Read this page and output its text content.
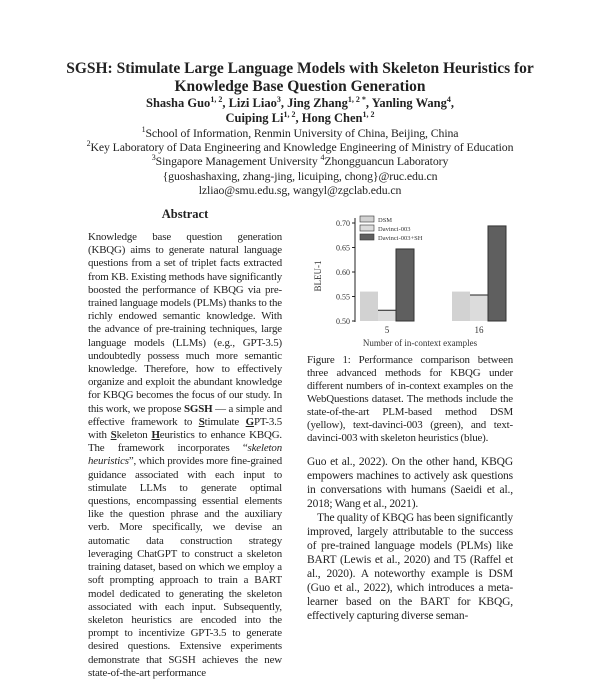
SGSH: Stimulate Large Language Models with Skeleton Heuristics for
Knowledge Base Question Generation
Shasha Guo$^{1, 2}$, Lizi Liao$^3$, Jing Zhang$^{1, 2 *}$, Yanling Wang$^4$,
Cuiping Li$^{1, 2}$, Hong Chen$^{1, 2}$
$^1$School of Information, Renmin University of China, Beijing, China
$^2$Key Laboratory of Data Engineering and Knowledge Engineering of Ministry of Education
$^3$Singapore Management University $^4$Zhongguancun Laboratory
{guoshashaxing, zhang-jing, licuiping, chong}@ruc.edu.cn
lzliao@smu.edu.sg, wangyl@zgclab.edu.cn
Abstract

Knowledge base question generation (KBQG) aims to generate natural language questions from a set of triplet facts extracted from KB. Existing methods have significantly boosted the performance of KBQG via pre-trained language models (PLMs) thanks to the richly endowed semantic knowledge. With the advance of pre-training techniques, large language models (LLMs) (e.g., GPT-3.5) undoubtedly possess much more semantic knowledge. Therefore, how to effectively organize and exploit the abundant knowledge for KBQG becomes the focus of our study. In this work, we propose SGSH — a simple and effective framework to Stimulate GPT-3.5 with Skeleton Heuristics to enhance KBQG. The framework incorporates “skeleton heuristics”, which provides more fine-grained guidance associated with each input to stimulate LLMs to generate optimal questions, encompassing essential elements like the question phrase and the auxiliary verb. More specifically, we devise an automatic data construction strategy leveraging ChatGPT to construct a skeleton training dataset, based on which we employ a soft prompting approach to train a BART model dedicated to generating the skeleton associated with each input. Subsequently, skeleton heuristics are encoded into the prompt to incentivize GPT-3.5 to generate desired questions. Extensive experiments demonstrate that SGSH achieves the new state-of-the-art performance

0.50
0.55
0.60
0.65
0.70
5	16
DSM
Davinci-003
Davinci-003+SH
Number of in-context examples
BLEU-1
Figure 1: Performance comparison between three advanced methods for KBQG under different numbers of in-context examples on the WebQuestions dataset. The methods include the state-of-the-art PLM-based method DSM (yellow), text-davinci-003 (green), and text-davinci-003 with skeleton heuristics (blue).

Guo et al., 2022). On the other hand, KBQG empowers machines to actively ask questions in conversations with humans (Saeidi et al., 2018; Wang et al., 2021).

The quality of KBQG has been significantly improved, largely attributable to the success of pre-trained language models (PLMs) like BART (Lewis et al., 2020) and T5 (Raffel et al., 2020). A noteworthy example is DSM (Guo et al., 2022), which introduces a meta-learner based on the BART for KBQG, effectively capturing diverse seman-
